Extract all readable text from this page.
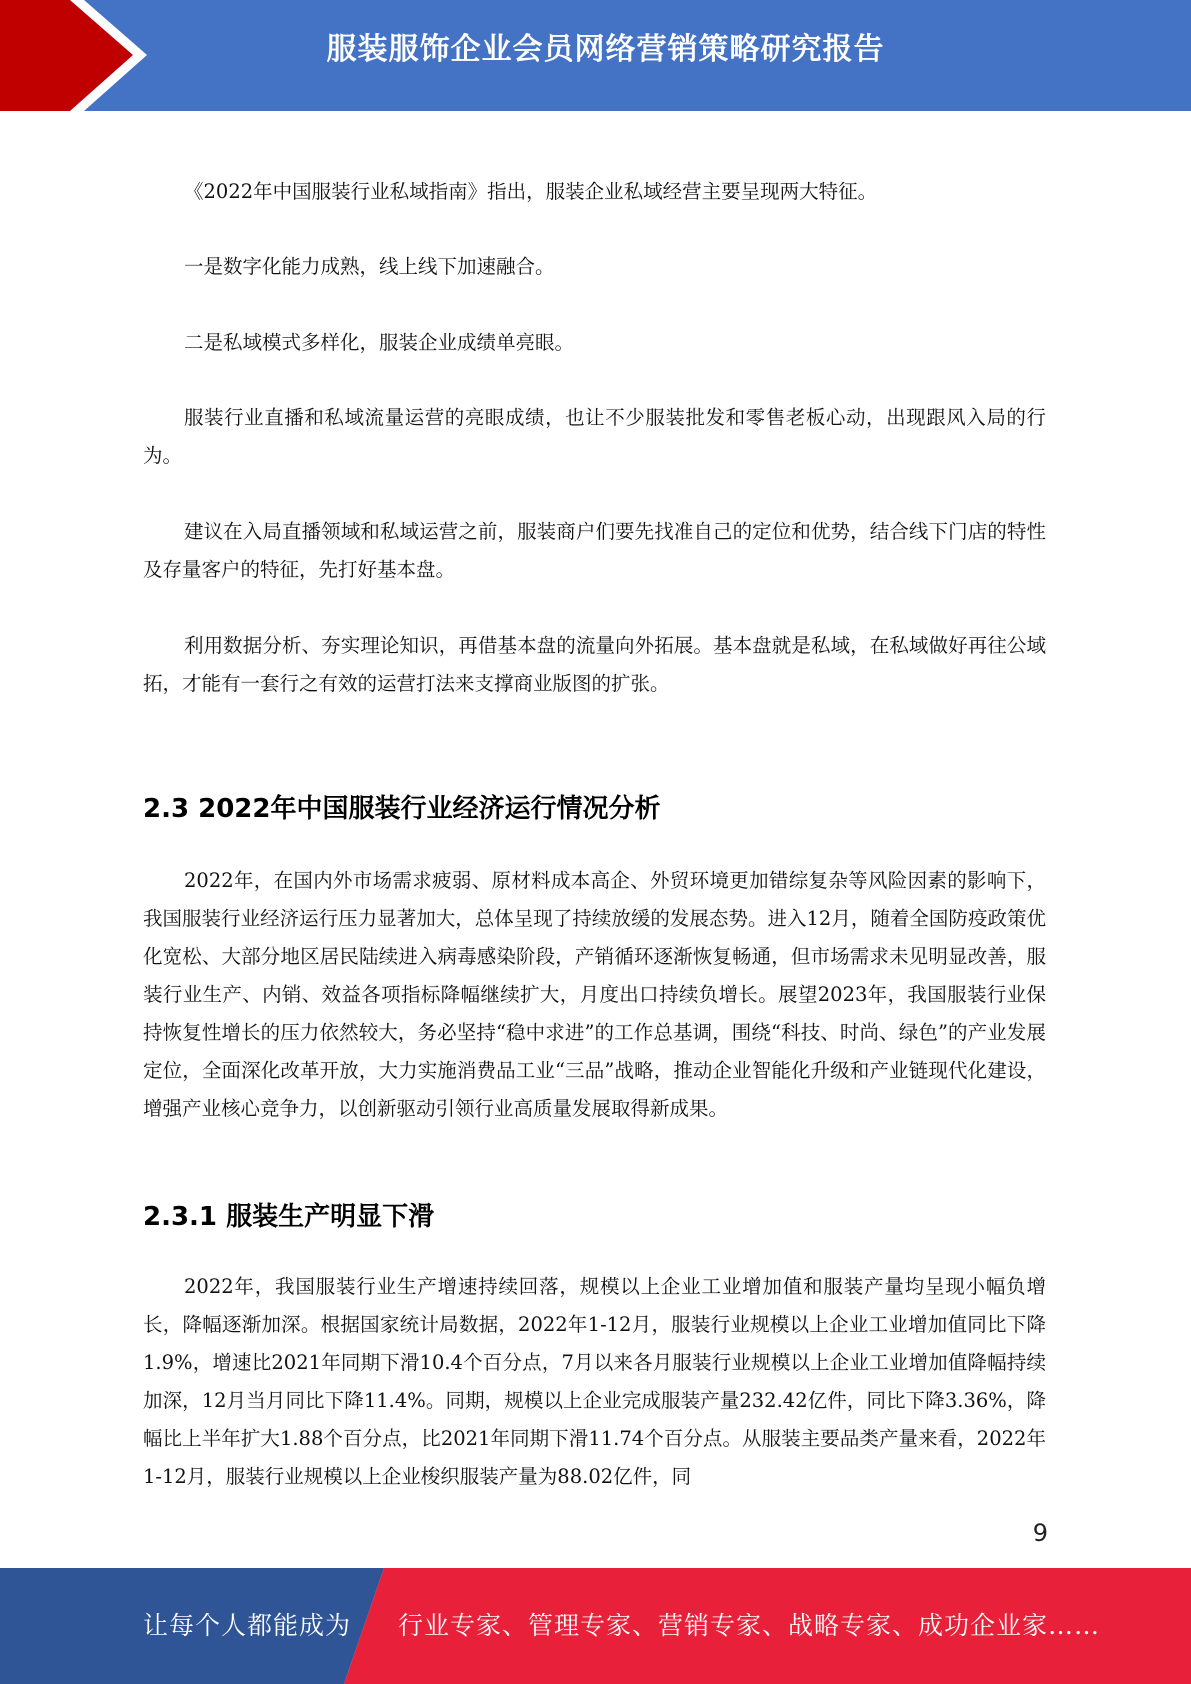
服装服饰企业会员网络营销策略研究报告

《2022年中国服装行业私域指南》指出，服装企业私域经营主要呈现两大特征。

一是数字化能力成熟，线上线下加速融合。

二是私域模式多样化，服装企业成绩单亮眼。

服装行业直播和私域流量运营的亮眼成绩，也让不少服装批发和零售老板心动，出现跟风入局的行为。

建议在入局直播领域和私域运营之前，服装商户们要先找准自己的定位和优势，结合线下门店的特性及存量客户的特征，先打好基本盘。

利用数据分析、夯实理论知识，再借基本盘的流量向外拓展。基本盘就是私域，在私域做好再往公域拓，才能有一套行之有效的运营打法来支撑商业版图的扩张。

2.3 2022年中国服装行业经济运行情况分析

2022年，在国内外市场需求疲弱、原材料成本高企、外贸环境更加错综复杂等风险因素的影响下，我国服装行业经济运行压力显著加大，总体呈现了持续放缓的发展态势。进入12月，随着全国防疫政策优化宽松、大部分地区居民陆续进入病毒感染阶段，产销循环逐渐恢复畅通，但市场需求未见明显改善，服装行业生产、内销、效益各项指标降幅继续扩大，月度出口持续负增长。展望2023年，我国服装行业保持恢复性增长的压力依然较大，务必坚持“稳中求进”的工作总基调，围绕“科技、时尚、绿色”的产业发展定位，全面深化改革开放，大力实施消费品工业“三品”战略，推动企业智能化升级和产业链现代化建设，增强产业核心竞争力，以创新驱动引领行业高质量发展取得新成果。

2.3.1 服装生产明显下滑

2022年，我国服装行业生产增速持续回落，规模以上企业工业增加值和服装产量均呈现小幅负增长，降幅逐渐加深。根据国家统计局数据，2022年1-12月，服装行业规模以上企业工业增加值同比下降1.9%，增速比2021年同期下滑10.4个百分点，7月以来各月服装行业规模以上企业工业增加值降幅持续加深，12月当月同比下降11.4%。同期，规模以上企业完成服装产量232.42亿件，同比下降3.36%，降幅比上半年扩大1.88个百分点，比2021年同期下滑11.74个百分点。从服装主要品类产量来看，2022年1-12月，服装行业规模以上企业梭织服装产量为88.02亿件，同

9
让每个人都能成为 行业专家、管理专家、营销专家、战略专家、成功企业家……
